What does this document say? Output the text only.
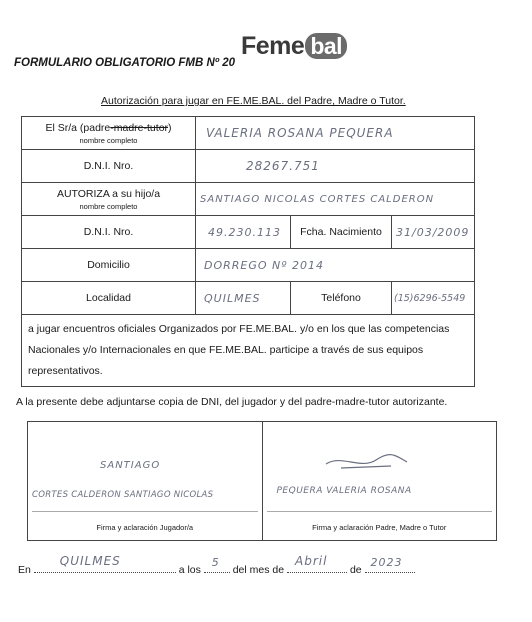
FORMULARIO OBLIGATORIO FMB Nº 20
Feme bal
Autorización para jugar en FE.ME.BAL. del Padre, Madre o Tutor.
El Sr/a (padre-madre-tutor)
nombre completo	VALERIA ROSANA PEQUERA		
D.N.I. Nro.	28267.751		
AUTORIZA a su hijo/a
nombre completo	SANTIAGO NICOLAS CORTES CALDERON		
D.N.I. Nro.	49.230.113	Fcha. Nacimiento	31/03/2009
Domicilio	DORREGO Nº 2014		
Localidad	QUILMES	Teléfono	(15)6296-5549
a jugar encuentros oficiales Organizados por FE.ME.BAL. y/o en los que las competencias Nacionales y/o Internacionales en que FE.ME.BAL. participe a través de sus equipos representativos.			
A la presente debe adjuntarse copia de DNI, del jugador y del padre-madre-tutor autorizante.
SANTIAGO
CORTES CALDERON SANTIAGO NICOLAS
Firma y aclaración Jugador/a	
PEQUERA VALERIA ROSANA
Firma y aclaración Padre, Madre o Tutor
En
QUILMES
a los
5
del mes de
Abril
de
2023
